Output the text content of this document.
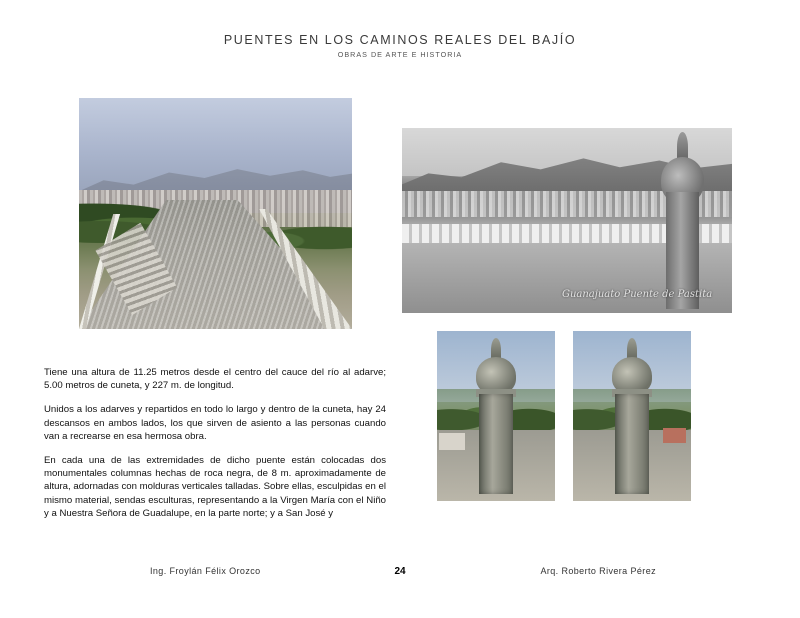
PUENTES EN LOS CAMINOS REALES DEL BAJÍO
OBRAS DE ARTE E HISTORIA
Guanajuato Puente de Pastita

Tiene una altura de 11.25 metros desde el centro del cauce del río al adarve; 5.00 metros de cuneta, y 227 m. de longitud.

Unidos a los adarves y repartidos en todo lo largo y dentro de la cuneta, hay 24 descansos en ambos lados, los que sirven de asiento a las personas cuando van a recrearse en esa hermosa obra.

En cada una de las extremidades de dicho puente están colocadas dos monumentales columnas hechas de roca negra, de 8 m. aproximadamente de altura, adornadas con molduras verticales talladas. Sobre ellas, esculpidas en el mismo material, sendas esculturas, representando a la Virgen María con el Niño y a Nuestra Señora de Guadalupe, en la parte norte; y a San José y

Ing. Froylán Félix Orozco	24	Arq. Roberto Rivera Pérez
